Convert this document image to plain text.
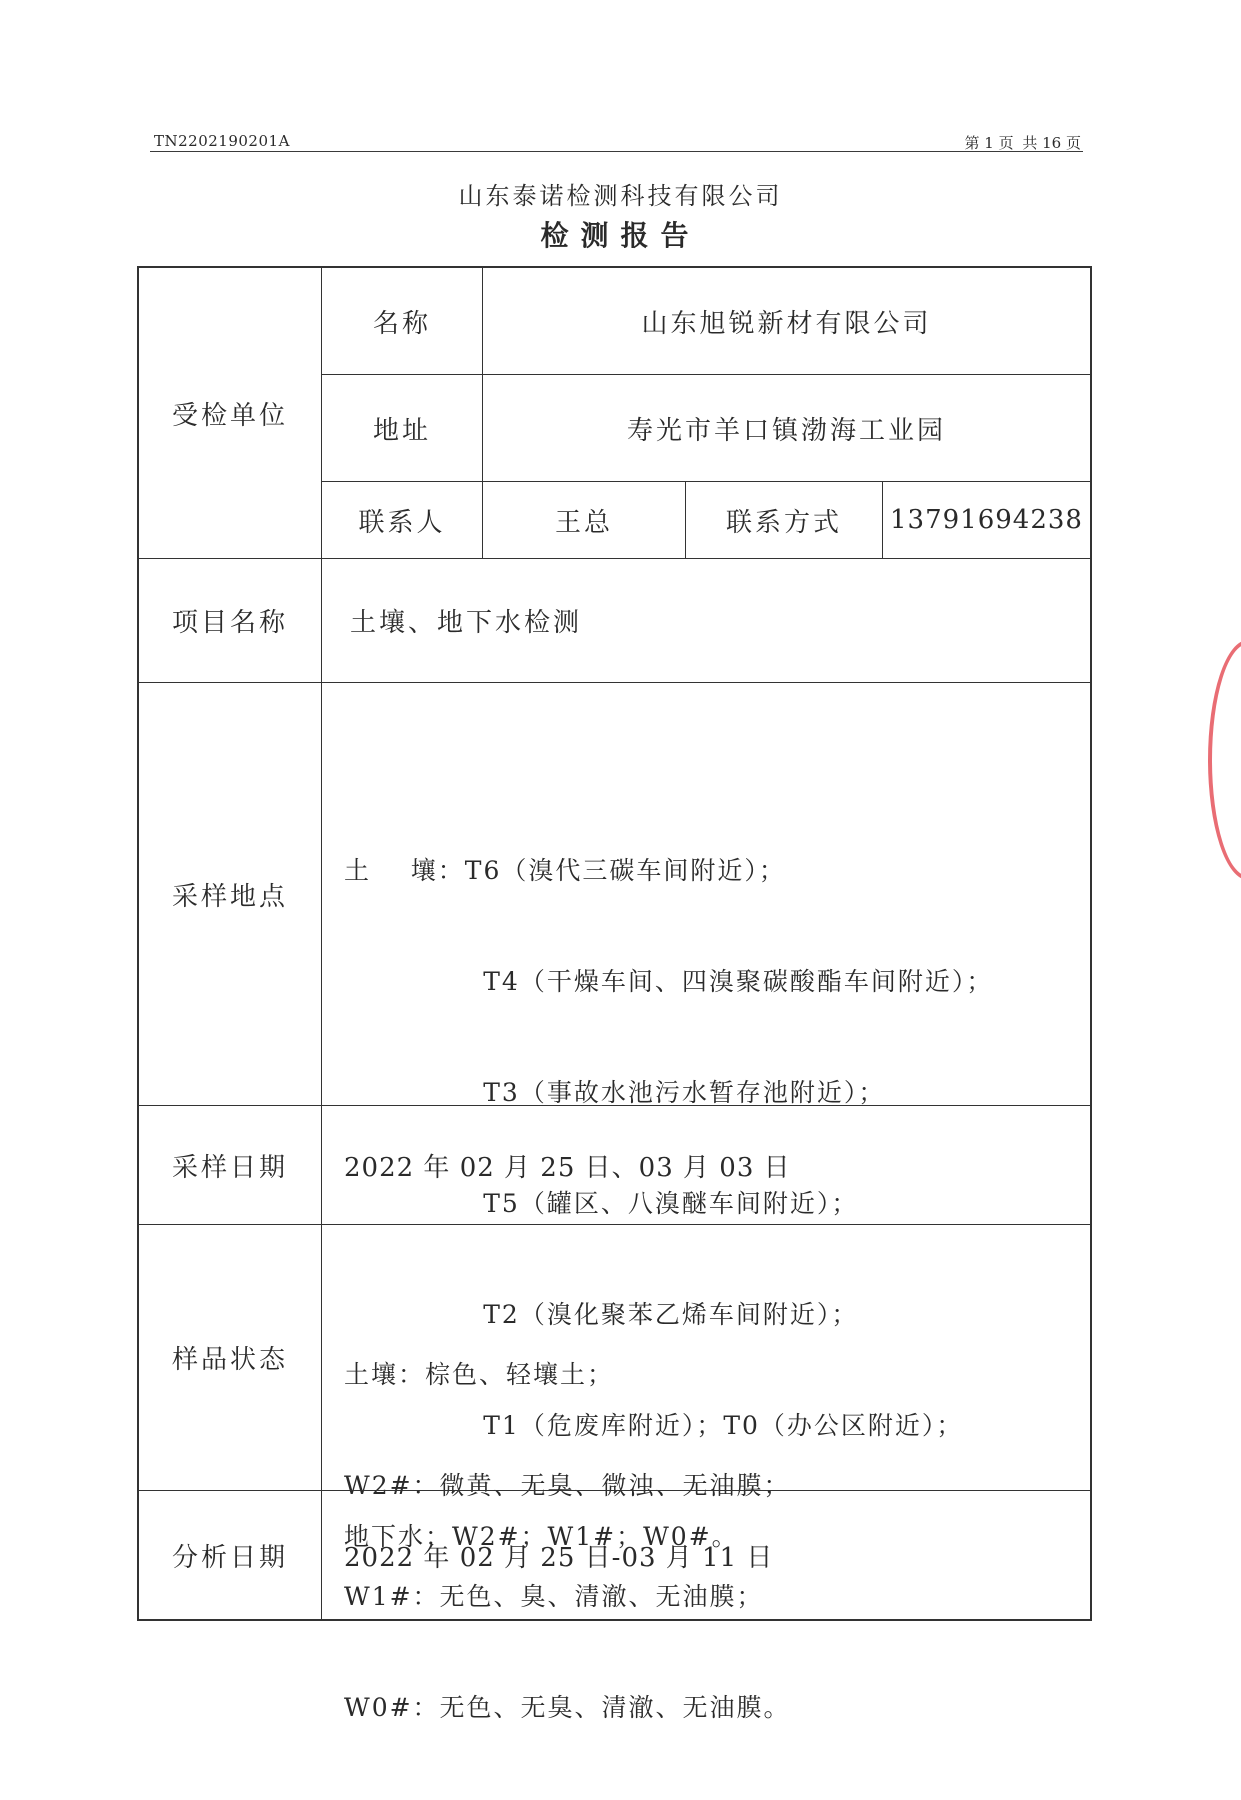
TN2202190201A	第 1 页 共 16 页
山东泰诺检测科技有限公司
检测报告
受检单位
名称	山东旭锐新材有限公司
地址	寿光市羊口镇渤海工业园
联系人	王总	联系方式	13791694238
项目名称	土壤、地下水检测
采样地点

土    壤：T6（溴代三碳车间附近）；

T4（干燥车间、四溴聚碳酸酯车间附近）；

T3（事故水池污水暂存池附近）；

T5（罐区、八溴醚车间附近）；

T2（溴化聚苯乙烯车间附近）；

T1（危废库附近）；T0（办公区附近）；

地下水：W2#；W1#；W0#。

采样日期	2022 年 02 月 25 日、03 月 03 日
样品状态

	土壤：棕色、轻壤土；

W2#：微黄、无臭、微浊、无油膜；

W1#：无色、臭、清澈、无油膜；

W0#：无色、无臭、清澈、无油膜。

分析日期	2022 年 02 月 25 日-03 月 11 日
